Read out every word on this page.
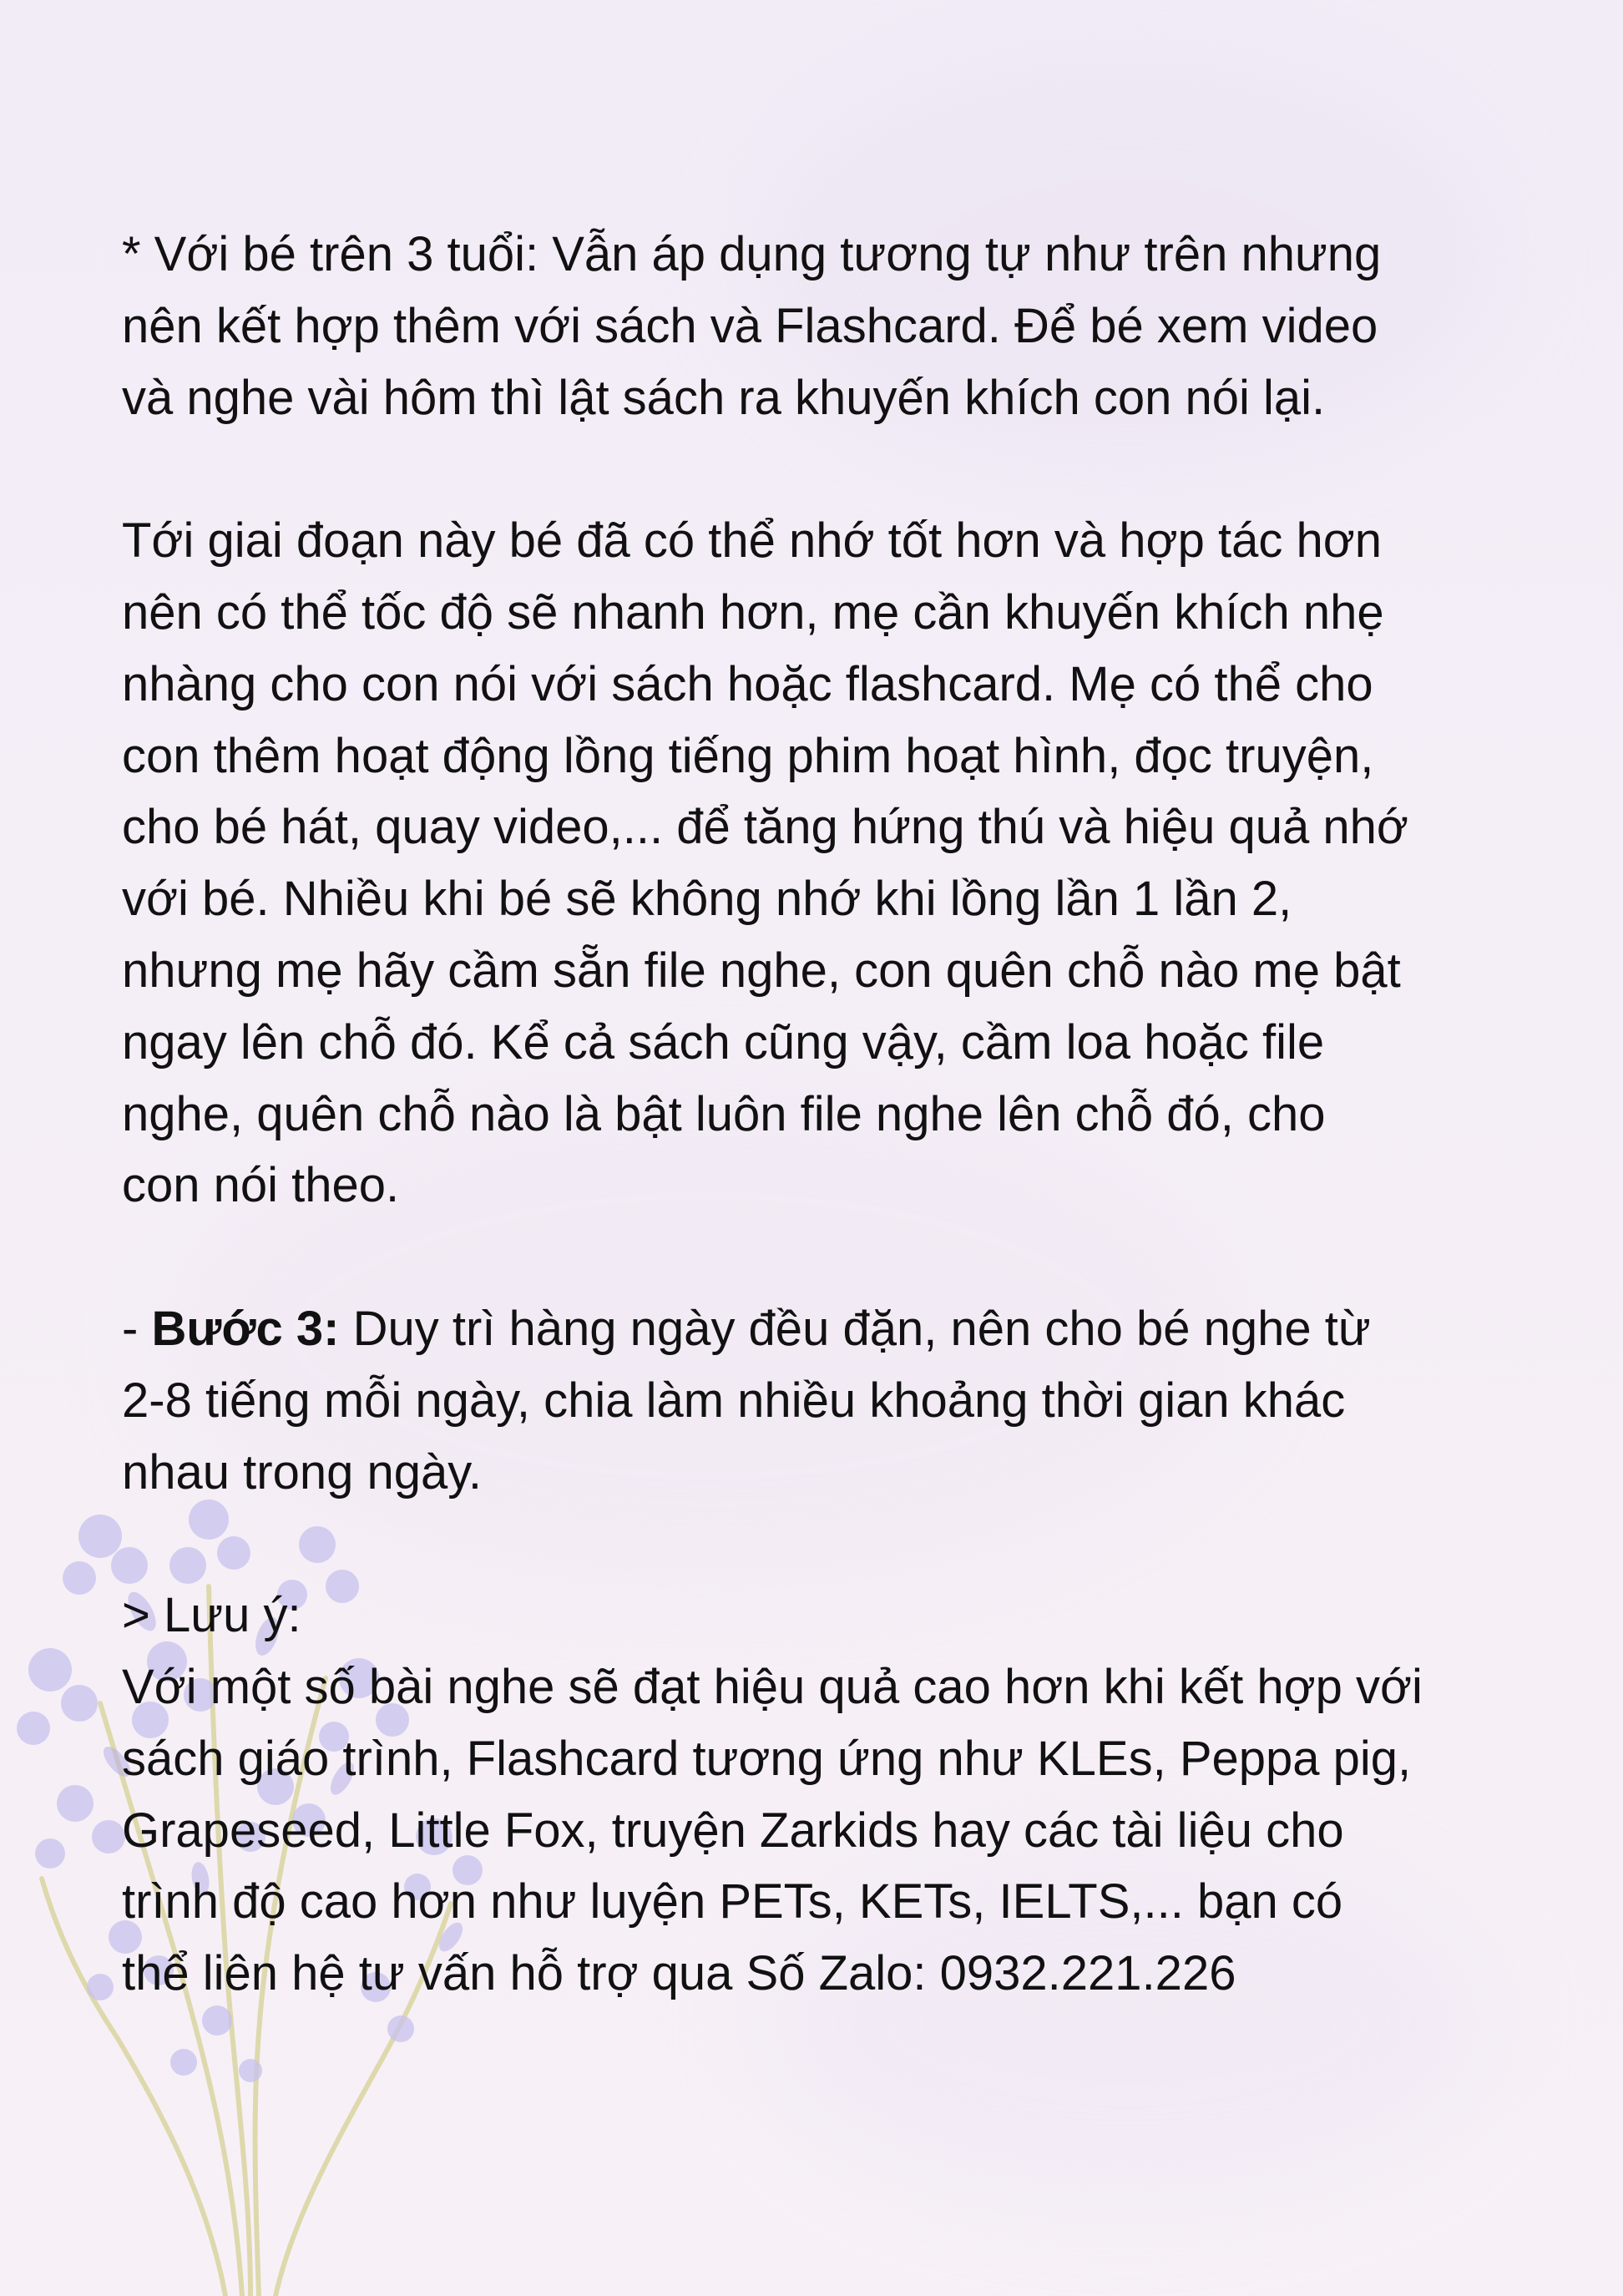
* Với bé trên 3 tuổi: Vẫn áp dụng tương tự như trên nhưng
nên kết hợp thêm với sách và Flashcard. Để bé xem video
và nghe vài hôm thì lật sách ra khuyến khích con nói lại.

Tới giai đoạn này bé đã có thể nhớ tốt hơn và hợp tác hơn
nên có thể tốc độ sẽ nhanh hơn, mẹ cần khuyến khích nhẹ
nhàng cho con nói với sách hoặc flashcard. Mẹ có thể cho
con thêm hoạt động lồng tiếng phim hoạt hình, đọc truyện,
cho bé hát, quay video,... để tăng hứng thú và hiệu quả nhớ
với bé. Nhiều khi bé sẽ không nhớ khi lồng lần 1 lần 2,
nhưng mẹ hãy cầm sẵn file nghe, con quên chỗ nào mẹ bật
ngay lên chỗ đó. Kể cả sách cũng vậy, cầm loa hoặc file
nghe, quên chỗ nào là bật luôn file nghe lên chỗ đó, cho
con nói theo.

- Bước 3: Duy trì hàng ngày đều đặn, nên cho bé nghe từ
2-8 tiếng mỗi ngày, chia làm nhiều khoảng thời gian khác
nhau trong ngày.

> Lưu ý:
Với một số bài nghe sẽ đạt hiệu quả cao hơn khi kết hợp với
sách giáo trình, Flashcard tương ứng như KLEs, Peppa pig,
Grapeseed, Little Fox, truyện Zarkids hay các tài liệu cho
trình độ cao hơn như luyện PETs, KETs, IELTS,... bạn có
thể liên hệ tư vấn hỗ trợ qua Số Zalo: 0932.221.226
